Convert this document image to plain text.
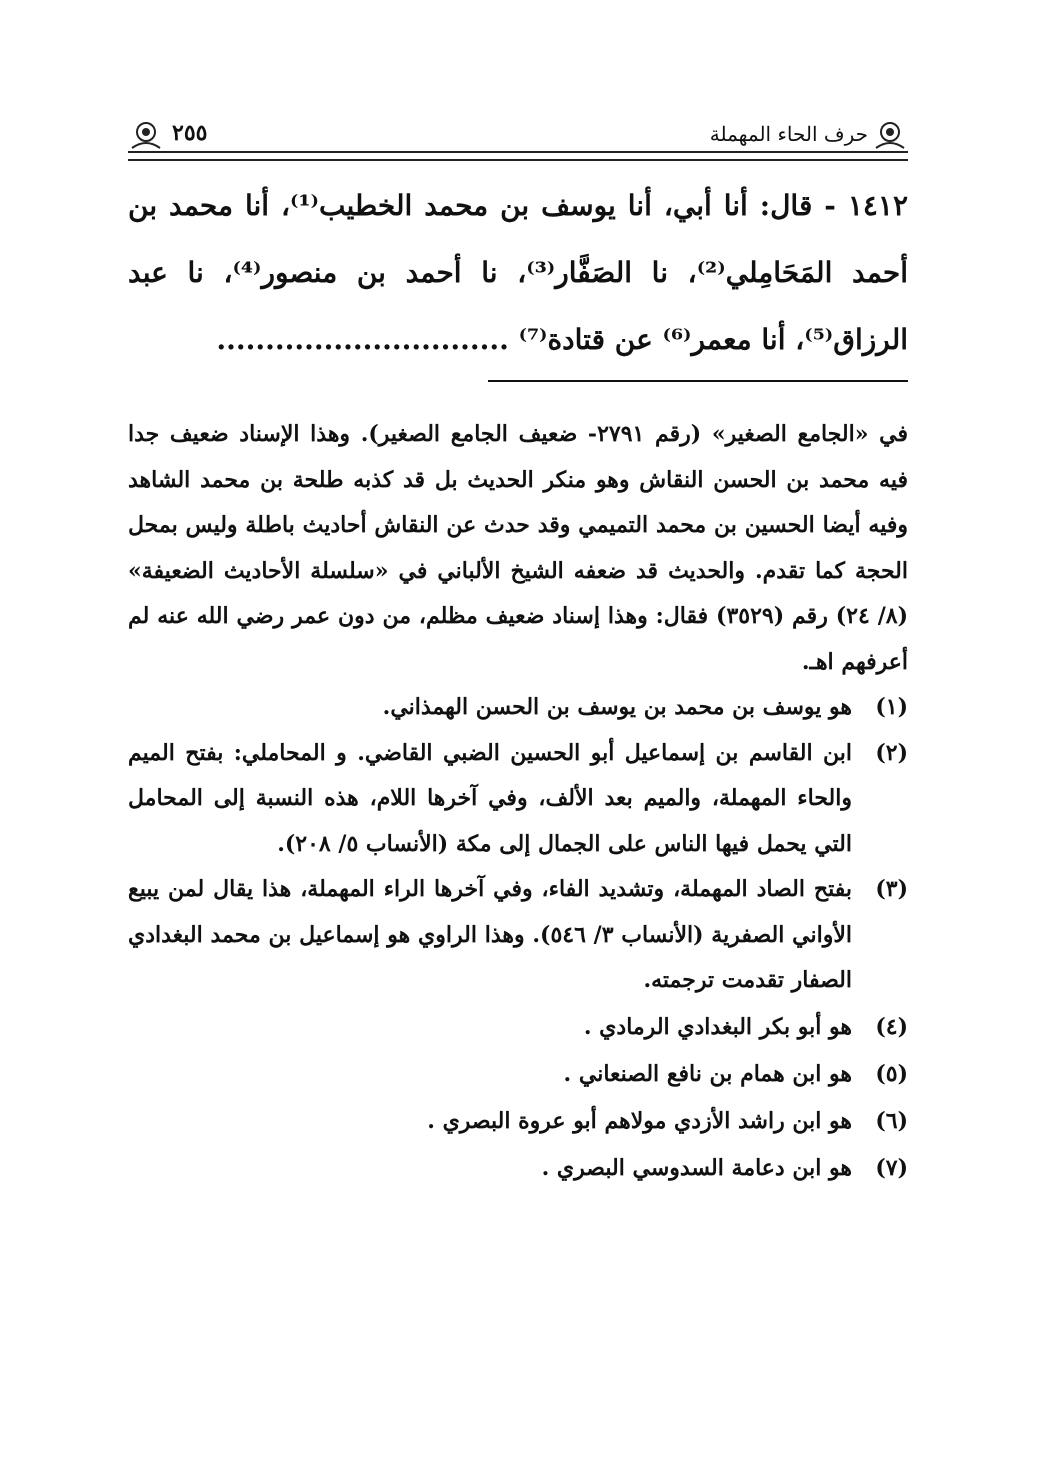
حرف الحاء المهملة
٢٥٥
١٤١٢ - قال: أنا أبي، أنا يوسف بن محمد الخطيب⁽¹⁾، أنا محمد بن أحمد المَحَامِلي⁽²⁾، نا الصَفَّار⁽³⁾، نا أحمد بن منصور⁽⁴⁾، نا عبد الرزاق⁽⁵⁾، أنا معمر⁽⁶⁾ عن قتادة⁽⁷⁾ ..............................

في «الجامع الصغير» (رقم ٢٧٩١- ضعيف الجامع الصغير). وهذا الإسناد ضعيف جدا فيه محمد بن الحسن النقاش وهو منكر الحديث بل قد كذبه طلحة بن محمد الشاهد وفيه أيضا الحسين بن محمد التميمي وقد حدث عن النقاش أحاديث باطلة وليس بمحل الحجة كما تقدم. والحديث قد ضعفه الشيخ الألباني في «سلسلة الأحاديث الضعيفة» (٨/ ٢٤) رقم (٣٥٢٩) فقال: وهذا إسناد ضعيف مظلم، من دون عمر رضي الله عنه لم أعرفهم اهـ.

(١)
هو يوسف بن محمد بن يوسف بن الحسن الهمذاني.
(٢)
ابن القاسم بن إسماعيل أبو الحسين الضبي القاضي. و المحاملي: بفتح الميم والحاء المهملة، والميم بعد الألف، وفي آخرها اللام، هذه النسبة إلى المحامل التي يحمل فيها الناس على الجمال إلى مكة (الأنساب ٥/ ٢٠٨).
(٣)
بفتح الصاد المهملة، وتشديد الفاء، وفي آخرها الراء المهملة، هذا يقال لمن يبيع الأواني الصفرية (الأنساب ٣/ ٥٤٦). وهذا الراوي هو إسماعيل بن محمد البغدادي الصفار تقدمت ترجمته.
(٤)
هو أبو بكر البغدادي الرمادي .
(٥)
هو ابن همام بن نافع الصنعاني .
(٦)
هو ابن راشد الأزدي مولاهم أبو عروة البصري .
(٧)
هو ابن دعامة السدوسي البصري .
